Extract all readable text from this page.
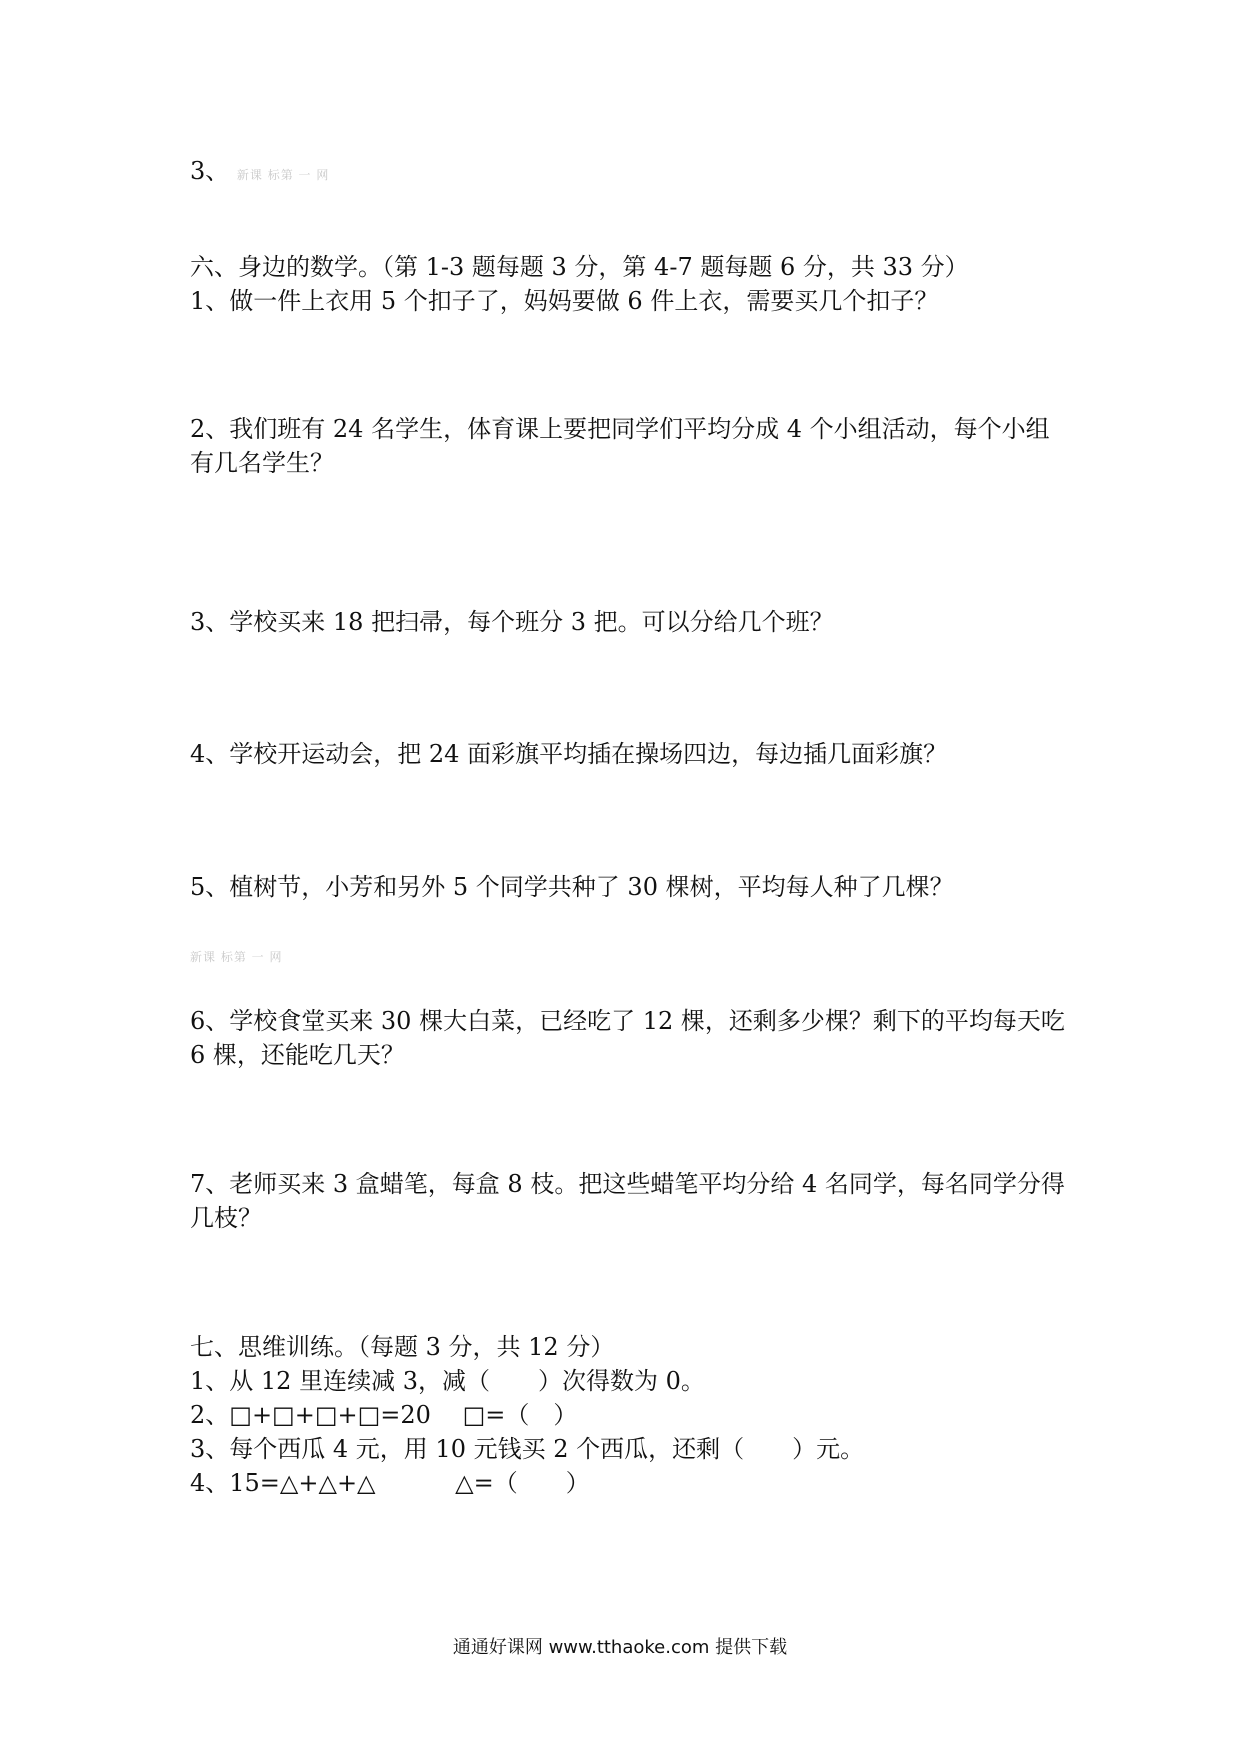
3、 新课 标第 一 网

六、身边的数学。（第 1-3 题每题 3 分，第 4-7 题每题 6 分，共 33 分）

1、做一件上衣用 5 个扣子了，妈妈要做 6 件上衣，需要买几个扣子？

2、我们班有 24 名学生，体育课上要把同学们平均分成 4 个小组活动，每个小组有几名学生？

3、学校买来 18 把扫帚，每个班分 3 把。可以分给几个班？

4、学校开运动会，把 24 面彩旗平均插在操场四边，每边插几面彩旗？

5、植树节，小芳和另外 5 个同学共种了 30 棵树，平均每人种了几棵？

新课 标第 一 网

6、学校食堂买来 30 棵大白菜，已经吃了 12 棵，还剩多少棵？剩下的平均每天吃 6 棵，还能吃几天？

7、老师买来 3 盒蜡笔，每盒 8 枝。把这些蜡笔平均分给 4 名同学，每名同学分得几枝？

七、思维训练。（每题 3 分，共 12 分）

1、从 12 里连续减 3，减（　　）次得数为 0。

2、□+□+□+□=20　 □=（　）

3、每个西瓜 4 元，用 10 元钱买 2 个西瓜，还剩（　　）元。

4、15=△+△+△　　　 △=（　　）

通通好课网 www.tthaoke.com 提供下载
